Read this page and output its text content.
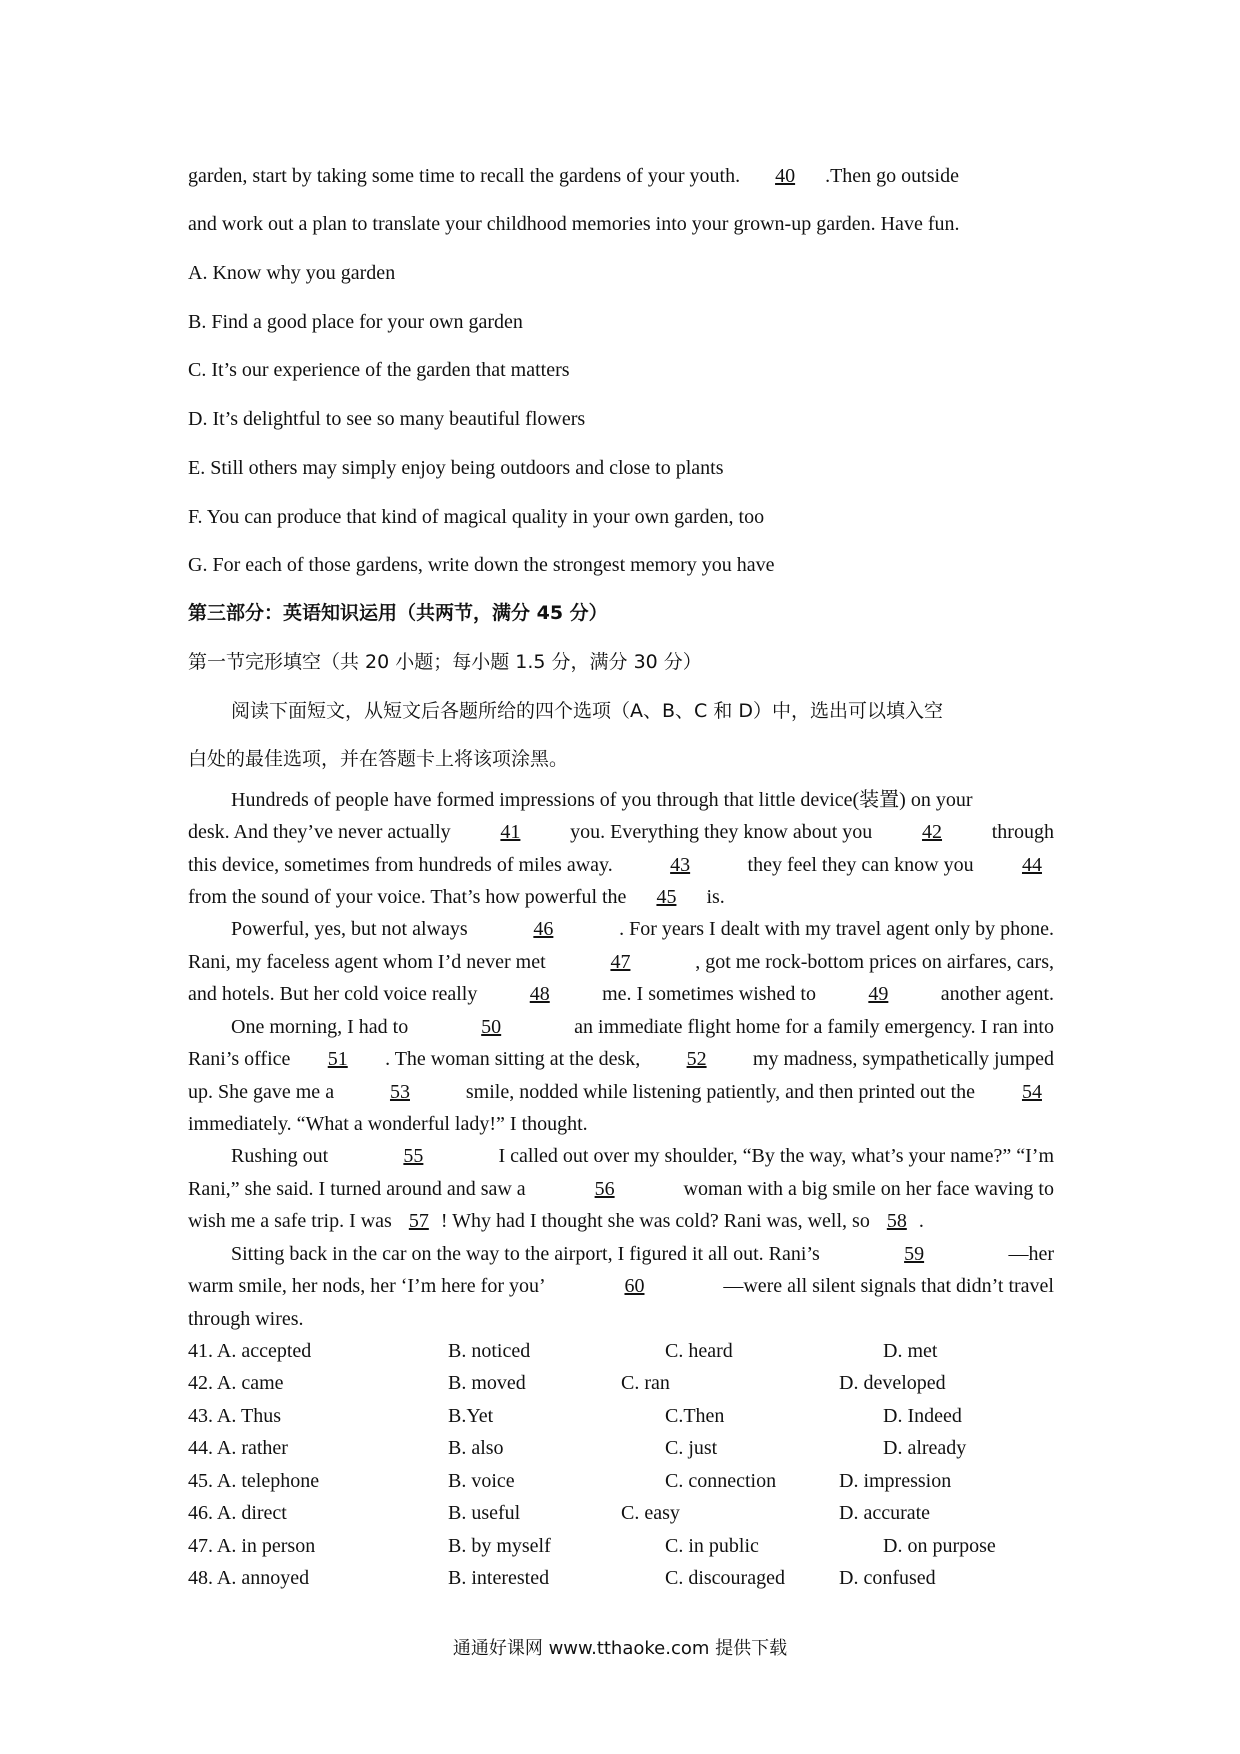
garden, start by taking some time to recall the gardens of your youth. 40 .Then go outside
and work out a plan to translate your childhood memories into your grown-up garden. Have fun.
A. Know why you garden
B. Find a good place for your own garden
C. It’s our experience of the garden that matters
D. It’s delightful to see so many beautiful flowers
E. Still others may simply enjoy being outdoors and close to plants
F. You can produce that kind of magical quality in your own garden, too
G. For each of those gardens, write down the strongest memory you have
第三部分：英语知识运用（共两节，满分 45 分）
第一节完形填空（共 20 小题；每小题 1.5 分，满分 30 分）
阅读下面短文，从短文后各题所给的四个选项（A、B、C 和 D）中，选出可以填入空
白处的最佳选项，并在答题卡上将该项涂黑。
Hundreds of people have formed impressions of you through that little device(装置) on your
desk. And they’ve never actually	41	you. Everything they know about you	42	through
this device, sometimes from hundreds of miles away.	43	they feel they can know you	44
from the sound of your voice. That’s how powerful the 45 is.
Powerful, yes, but not always	46	. For years I dealt with my travel agent only by phone.
Rani, my faceless agent whom I’d never met	47	, got me rock-bottom prices on airfares, cars,
and hotels. But her cold voice really	48	me. I sometimes wished to	49	another agent.
One morning, I had to	50	an immediate flight home for a family emergency. I ran into
Rani’s office	51	. The woman sitting at the desk,	52	my madness, sympathetically jumped
up. She gave me a	53	smile, nodded while listening patiently, and then printed out the	54
immediately. “What a wonderful lady!” I thought.
Rushing out	55	I called out over my shoulder, “By the way, what’s your name?” “I’m
Rani,” she said. I turned around and saw a	56	woman with a big smile on her face waving to
wish me a safe trip. I was 57 ! Why had I thought she was cold? Rani was, well, so 58 .
Sitting back in the car on the way to the airport, I figured it all out. Rani’s	59	—her
warm smile, her nods, her ‘I’m here for you’	60	—were all silent signals that didn’t travel
through wires.
41. A. accepted	B. noticed	C. heard	D. met
42. A. came	B. moved	C. ran	D. developed
43. A. Thus	B.Yet	C.Then	D. Indeed
44. A. rather	B. also	C. just	D. already
45. A. telephone	B. voice	C. connection	D. impression
46. A. direct	B. useful	C. easy	D. accurate
47. A. in person	B. by myself	C. in public	D. on purpose
48. A. annoyed	B. interested	C. discouraged	D. confused
通通好课网 www.tthaoke.com 提供下载
